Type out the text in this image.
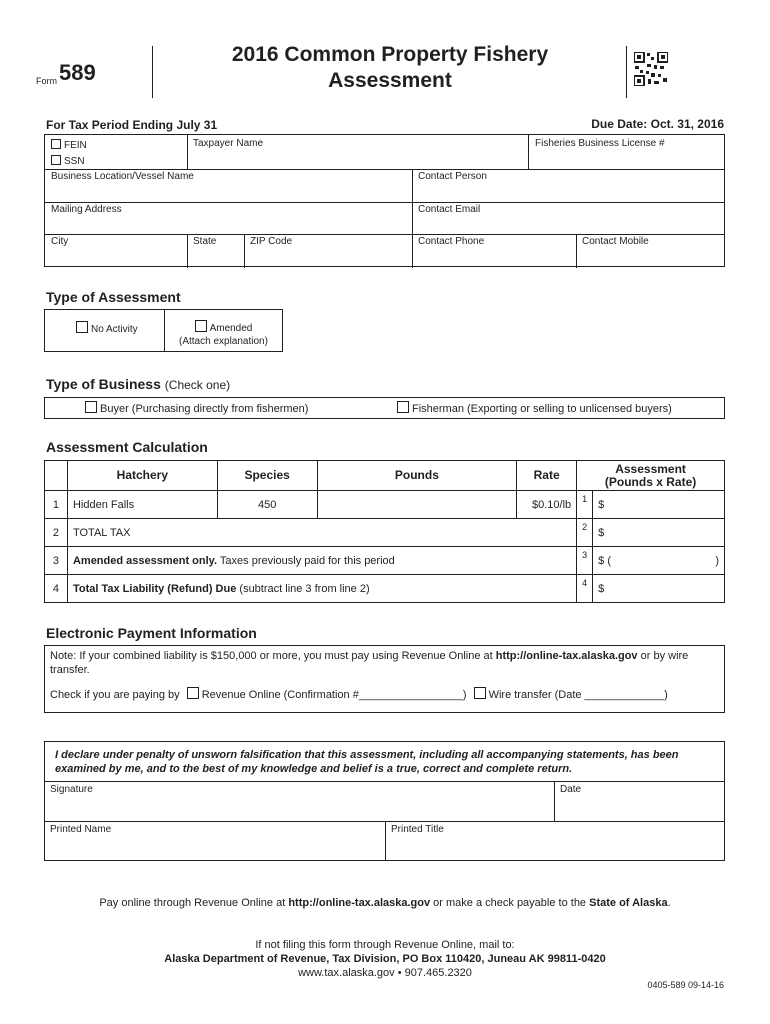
Form 589
2016 Common Property Fishery
Assessment
For Tax Period Ending July 31	Due Date: Oct. 31, 2016
FEIN
SSN
Taxpayer Name	Fisheries Business License #
Business Location/Vessel Name	Contact Person
Mailing Address	Contact Email
City	State	ZIP Code	Contact Phone	Contact Mobile
Type of Assessment
No Activity	Amended
(Attach explanation)
Type of Business (Check one)
Buyer (Purchasing directly from fishermen)	Fisherman (Exporting or selling to unlicensed buyers)
Assessment Calculation
	Hatchery	Species	Pounds	Rate	Assessment
(Pounds x Rate)	

1	Hidden Falls	450		$0.10/lb	1	$
2	TOTAL TAX				2	$
3	Amended assessment only. Taxes previously paid for this period				3	$ ( )

4	Total Tax Liability (Refund) Due (subtract line 3 from line 2)				4	$
Electronic Payment Information
Note: If your combined liability is $150,000 or more, you must pay using Revenue Online at http://online-tax.alaska.gov or by wire transfer.
Check if you are paying by Revenue Online (Confirmation #_________________) Wire transfer (Date _____________)
I declare under penalty of unsworn falsification that this assessment, including all accompanying statements, has been examined by me, and to the best of my knowledge and belief is a true, correct and complete return.
Signature	Date
Printed Name	Printed Title
Pay online through Revenue Online at http://online-tax.alaska.gov or make a check payable to the State of Alaska.
If not filing this form through Revenue Online, mail to:
Alaska Department of Revenue, Tax Division, PO Box 110420, Juneau AK 99811-0420
www.tax.alaska.gov • 907.465.2320
0405-589 09-14-16
